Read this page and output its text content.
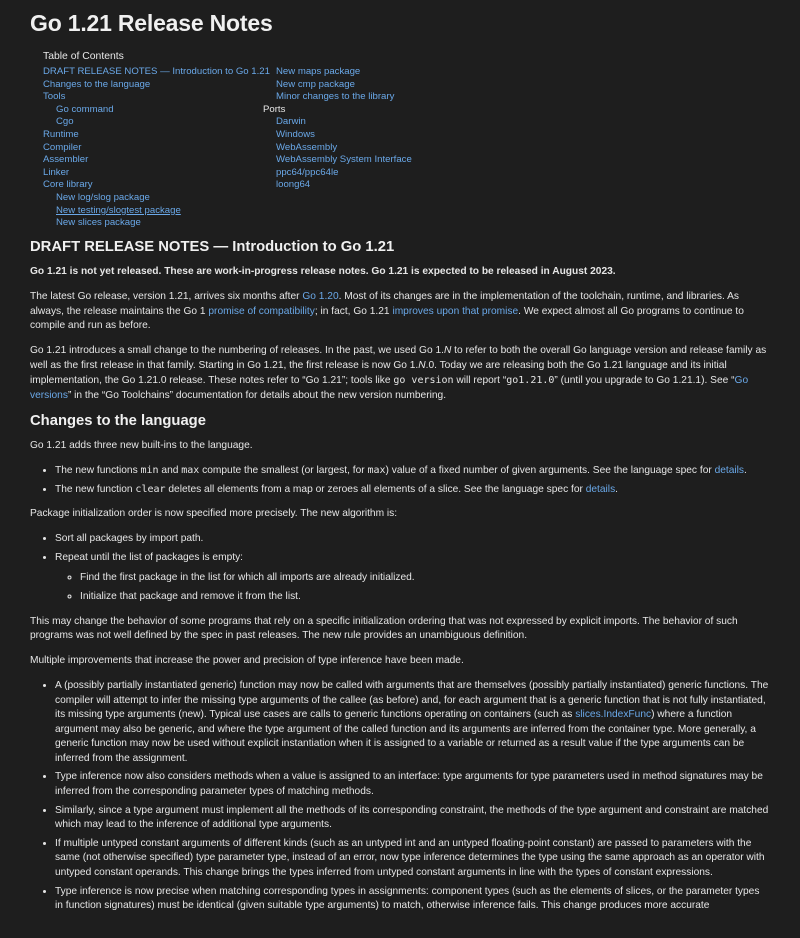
Go 1.21 Release Notes
Table of Contents
DRAFT RELEASE NOTES — Introduction to Go 1.21
Changes to the language
Tools
Go command
Cgo
Runtime
Compiler
Assembler
Linker
Core library
New log/slog package
New testing/slogtest package
New slices package
New maps package
New cmp package
Minor changes to the library
Ports
Darwin
Windows
WebAssembly
WebAssembly System Interface
ppc64/ppc64le
loong64
DRAFT RELEASE NOTES — Introduction to Go 1.21

Go 1.21 is not yet released. These are work-in-progress release notes. Go 1.21 is expected to be released in August 2023.

The latest Go release, version 1.21, arrives six months after Go 1.20. Most of its changes are in the implementation of the toolchain, runtime, and libraries. As always, the release maintains the Go 1 promise of compatibility; in fact, Go 1.21 improves upon that promise. We expect almost all Go programs to continue to compile and run as before.

Go 1.21 introduces a small change to the numbering of releases. In the past, we used Go 1.N to refer to both the overall Go language version and release family as well as the first release in that family. Starting in Go 1.21, the first release is now Go 1.N.0. Today we are releasing both the Go 1.21 language and its initial implementation, the Go 1.21.0 release. These notes refer to “Go 1.21”; tools like go version will report “go1.21.0” (until you upgrade to Go 1.21.1). See “Go versions” in the “Go Toolchains” documentation for details about the new version numbering.

Changes to the language

Go 1.21 adds three new built-ins to the language.

• The new functions min and max compute the smallest (or largest, for max) value of a fixed number of given arguments. See the language spec for details.
• The new function clear deletes all elements from a map or zeroes all elements of a slice. See the language spec for details.

Package initialization order is now specified more precisely. The new algorithm is:

• Sort all packages by import path.
• Repeat until the list of packages is empty:
◦ Find the first package in the list for which all imports are already initialized.
◦ Initialize that package and remove it from the list.

This may change the behavior of some programs that rely on a specific initialization ordering that was not expressed by explicit imports. The behavior of such programs was not well defined by the spec in past releases. The new rule provides an unambiguous definition.

Multiple improvements that increase the power and precision of type inference have been made.

• A (possibly partially instantiated generic) function may now be called with arguments that are themselves (possibly partially instantiated) generic functions. The compiler will attempt to infer the missing type arguments of the callee (as before) and, for each argument that is a generic function that is not fully instantiated, its missing type arguments (new). Typical use cases are calls to generic functions operating on containers (such as slices.IndexFunc) where a function argument may also be generic, and where the type argument of the called function and its arguments are inferred from the container type. More generally, a generic function may now be used without explicit instantiation when it is assigned to a variable or returned as a result value if the type arguments can be inferred from the assignment.
• Type inference now also considers methods when a value is assigned to an interface: type arguments for type parameters used in method signatures may be inferred from the corresponding parameter types of matching methods.
• Similarly, since a type argument must implement all the methods of its corresponding constraint, the methods of the type argument and constraint are matched which may lead to the inference of additional type arguments.
• If multiple untyped constant arguments of different kinds (such as an untyped int and an untyped floating-point constant) are passed to parameters with the same (not otherwise specified) type parameter type, instead of an error, now type inference determines the type using the same approach as an operator with untyped constant operands. This change brings the types inferred from untyped constant arguments in line with the types of constant expressions.
• Type inference is now precise when matching corresponding types in assignments: component types (such as the elements of slices, or the parameter types in function signatures) must be identical (given suitable type arguments) to match, otherwise inference fails. This change produces more accurate
